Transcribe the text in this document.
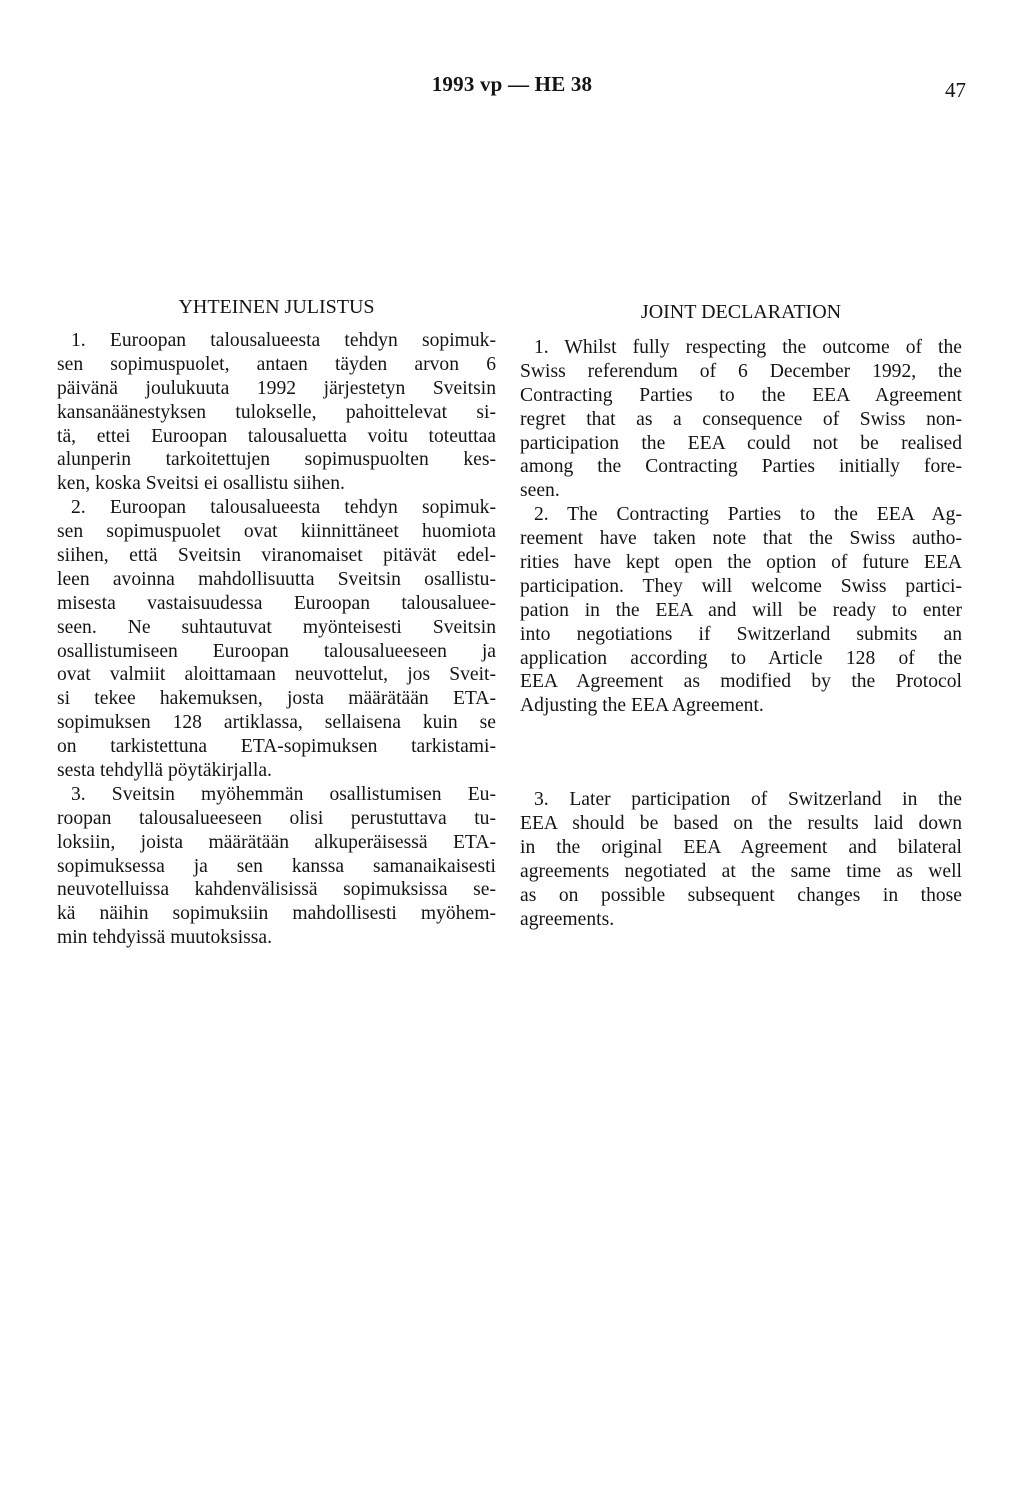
1993 vp — HE 38	47
YHTEINEN JULISTUS
1. Euroopan talousalueesta tehdyn sopimuk-
sen sopimuspuolet, antaen täyden arvon 6
päivänä joulukuuta 1992 järjestetyn Sveitsin
kansanäänestyksen tulokselle, pahoittelevat si-
tä, ettei Euroopan talousaluetta voitu toteuttaa
alunperin tarkoitettujen sopimuspuolten kes-
ken, koska Sveitsi ei osallistu siihen.
2. Euroopan talousalueesta tehdyn sopimuk-
sen sopimuspuolet ovat kiinnittäneet huomiota
siihen, että Sveitsin viranomaiset pitävät edel-
leen avoinna mahdollisuutta Sveitsin osallistu-
misesta vastaisuudessa Euroopan talousaluee-
seen. Ne suhtautuvat myönteisesti Sveitsin
osallistumiseen Euroopan talousalueeseen ja
ovat valmiit aloittamaan neuvottelut, jos Sveit-
si tekee hakemuksen, josta määrätään ETA-
sopimuksen 128 artiklassa, sellaisena kuin se
on tarkistettuna ETA-sopimuksen tarkistami-
sesta tehdyllä pöytäkirjalla.
3. Sveitsin myöhemmän osallistumisen Eu-
roopan talousalueeseen olisi perustuttava tu-
loksiin, joista määrätään alkuperäisessä ETA-
sopimuksessa ja sen kanssa samanaikaisesti
neuvotelluissa kahdenvälisissä sopimuksissa se-
kä näihin sopimuksiin mahdollisesti myöhem-
min tehdyissä muutoksissa.
JOINT DECLARATION
1. Whilst fully respecting the outcome of the
Swiss referendum of 6 December 1992, the
Contracting Parties to the EEA Agreement
regret that as a consequence of Swiss non-
participation the EEA could not be realised
among the Contracting Parties initially fore-
seen.
2. The Contracting Parties to the EEA Ag-
reement have taken note that the Swiss autho-
rities have kept open the option of future EEA
participation. They will welcome Swiss partici-
pation in the EEA and will be ready to enter
into negotiations if Switzerland submits an
application according to Article 128 of the
EEA Agreement as modified by the Protocol
Adjusting the EEA Agreement.
3. Later participation of Switzerland in the
EEA should be based on the results laid down
in the original EEA Agreement and bilateral
agreements negotiated at the same time as well
as on possible subsequent changes in those
agreements.
